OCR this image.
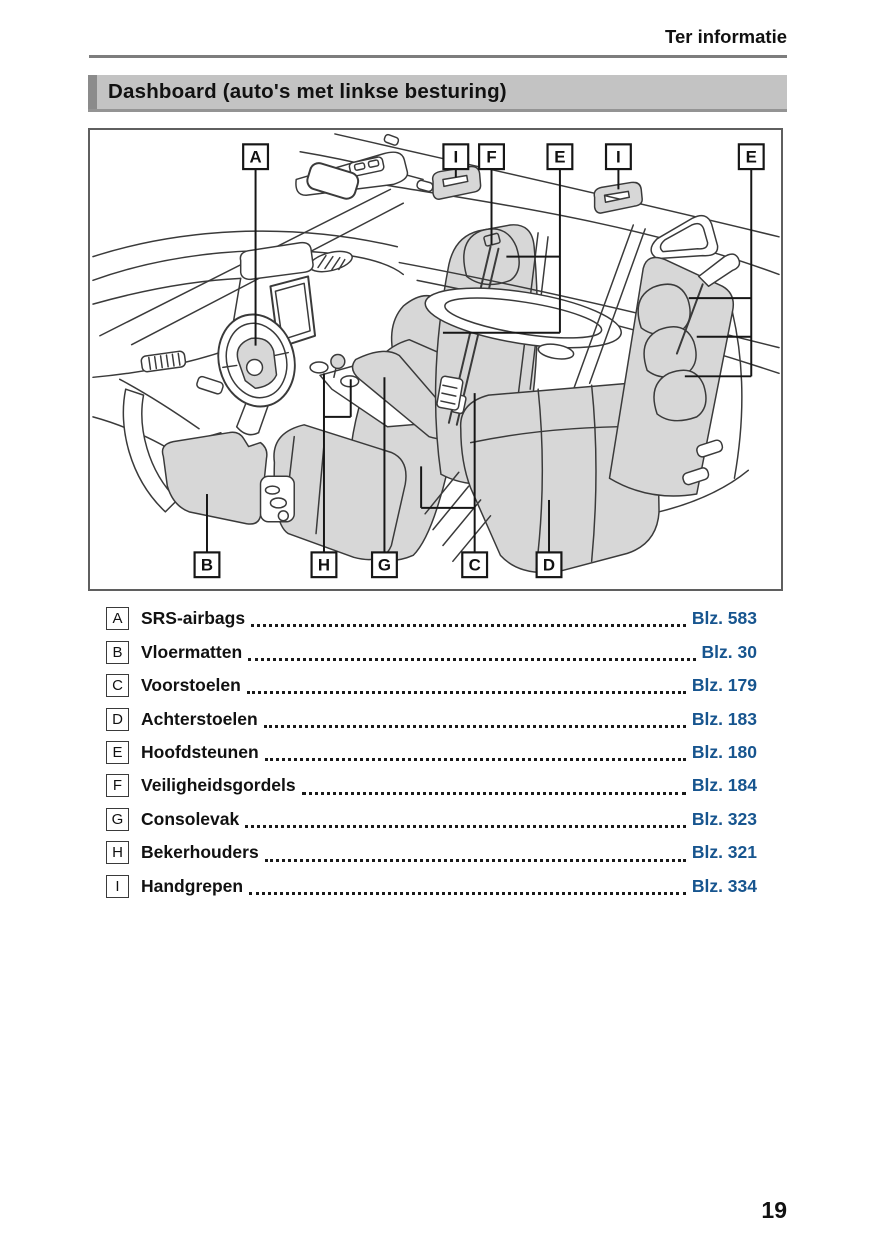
Ter informatie
Dashboard (auto's met linkse besturing)
A	I F	E	I	E
B	H	G	C	D
A	SRS-airbags	Blz. 583
B	Vloermatten	Blz. 30
C	Voorstoelen	Blz. 179
D	Achterstoelen	Blz. 183
E	Hoofdsteunen	Blz. 180
F	Veiligheidsgordels	Blz. 184
G	Consolevak	Blz. 323
H	Bekerhouders	Blz. 321
I	Handgrepen	Blz. 334
19
